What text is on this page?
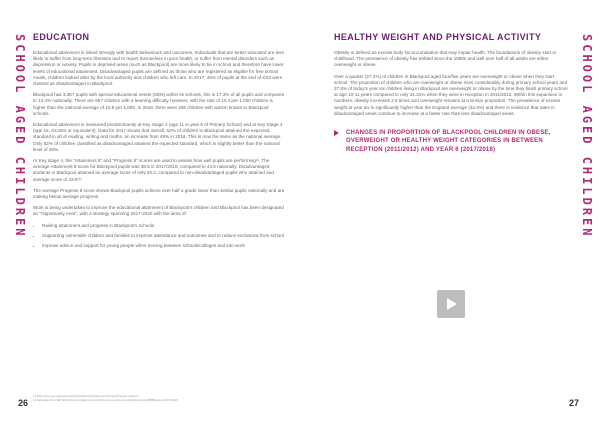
SCHOOL AGED CHILDREN	SCHOOL AGED CHILDREN
EDUCATION

Educational attainment is linked strongly with health behaviours and outcomes. Individuals that are better educated are less likely to suffer from long-term illnesses and to report themselves in poor health, or suffer from mental disorders such as depression or anxiety. Pupils in deprived areas (such as Blackpool) are more likely to be in school and therefore have lower levels of educational attainment. Disadvantaged pupils are defined as those who are registered as eligible for free school meals, children looked after by the local authority and children who left care. In 2017, 45% of pupils at the end of KS2 were classed as disadvantaged in Blackpool.

Blackpool has 3,367 pupils with special educational needs (SEN) within its schools, this is 17.3% of all pupils and compares to 14.4% nationally. There are 957 children with a learning difficulty however, with the rate of 10.4 per 1,000 children is higher than the national average of 10.9 per 1,000. In 2018, there were 206 children with autism known to Blackpool schools.

Educational attainment is measured predominantly at Key Stage 2 (age 11 in year 6 of Primary School) and at Key Stage 4 (age 16, GCSEs or equivalent). Data for 2017 shows that overall, 62% of children in Blackpool attained the expected standard in all of reading, writing and maths, an increase from 48% in 2016. This is now the same as the national average. Only 52% of children classified as disadvantaged attained the expected standard, which is slightly better than the national level of 48%.

At Key stage 4, the "Attainment 8" and "Progress 8" scores are used to assess how well pupils are performing¹². The average Attainment 8 score for Blackpool pupils was 38.5 in 2017/2018, compared to 44.5 nationally. Disadvantaged students in Blackpool attained an average score of only 32.2, compared to non-disadvantaged pupils who attained and average score of 43.5¹³.

The average Progress 8 score shows Blackpool pupils achieve over half a grade lower than similar pupils nationally and are making below average progress.

Work is being undertaken to improve the educational attainment of Blackpool's children and Blackpool has been designated an "Opportunity Area", with a strategy spanning 2017-2020 with the aims of:

• Raising attainment and progress in Blackpool's schools
• Supporting vulnerable children and families to improve attendance and outcomes and to reduce exclusions from school
• Improve advice and support for young people when moving between schools/colleges and into work
HEALTHY WEIGHT AND PHYSICAL ACTIVITY

Obesity is defined as excess body fat accumulation that may impair health. The foundations of obesity start in childhood. The prevalence of obesity has trebled since the 1980s and well over half of all adults are either overweight or obese.

Over a quarter (27.1%) of children in Blackpool aged four/five years are overweight or obese when they start school. The proportion of children who are overweight or obese rises considerably during primary school years and 37.8% of today's year six children living in Blackpool are overweight or obese by the time they finish primary school at age 10-11 years compared to only 22.31% when they were in reception in 2011/2012. Within this expansion in numbers, obesity increases 2.5 times and overweight remains at a similar proportion. The prevalence of excess weight at year six is significantly higher than the England average (34.3%) and there is evidence that rates in disadvantaged areas continue to increase at a faster rate than less disadvantaged areas.

CHANGES IN PROPORTION OF BLACKPOOL CHILDREN IN OBESE, OVERWEIGHT OR HEALTHY WEIGHT CATEGORIES IN BETWEEN RECEPTION (2011/2012) AND YEAR 6 (2017/2018)
12 https://www.gov.uk/government/publications/progress-8-school-performance-measure
13 Data taken from DfE https://www.compare-school-performance.service.gov.uk/local-authority/888/Blackpool 2017/2018
26	27
